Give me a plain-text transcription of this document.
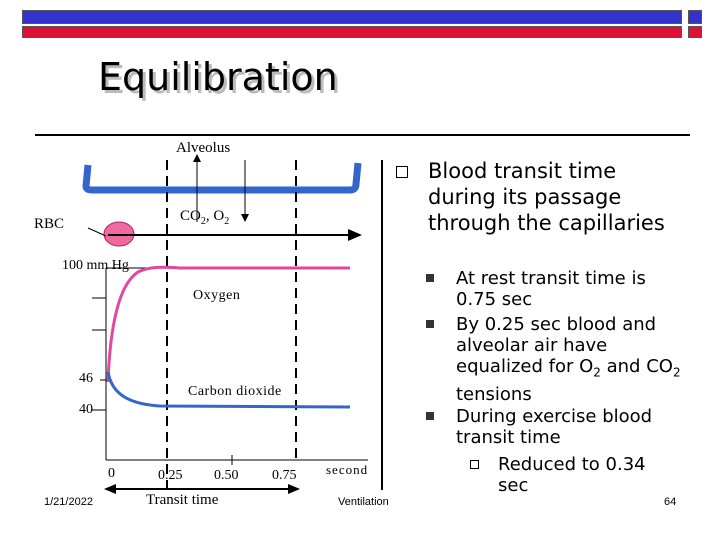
Equilibration
Alveolus
RBC	$CO_2$, $O_2$
100 mm Hg
Oxygen
Carbon dioxide
46
40
0	0.25 0.50 0.75 second
Transit time	Ventilation
Blood transit time during its passage through the capillaries
At rest transit time is 0.75 sec
By 0.25 sec blood and alveolar air have equalized for $O_2$ and $CO_2$ tensions
During exercise blood transit time
Reduced to 0.34 sec
1/21/2022	64
